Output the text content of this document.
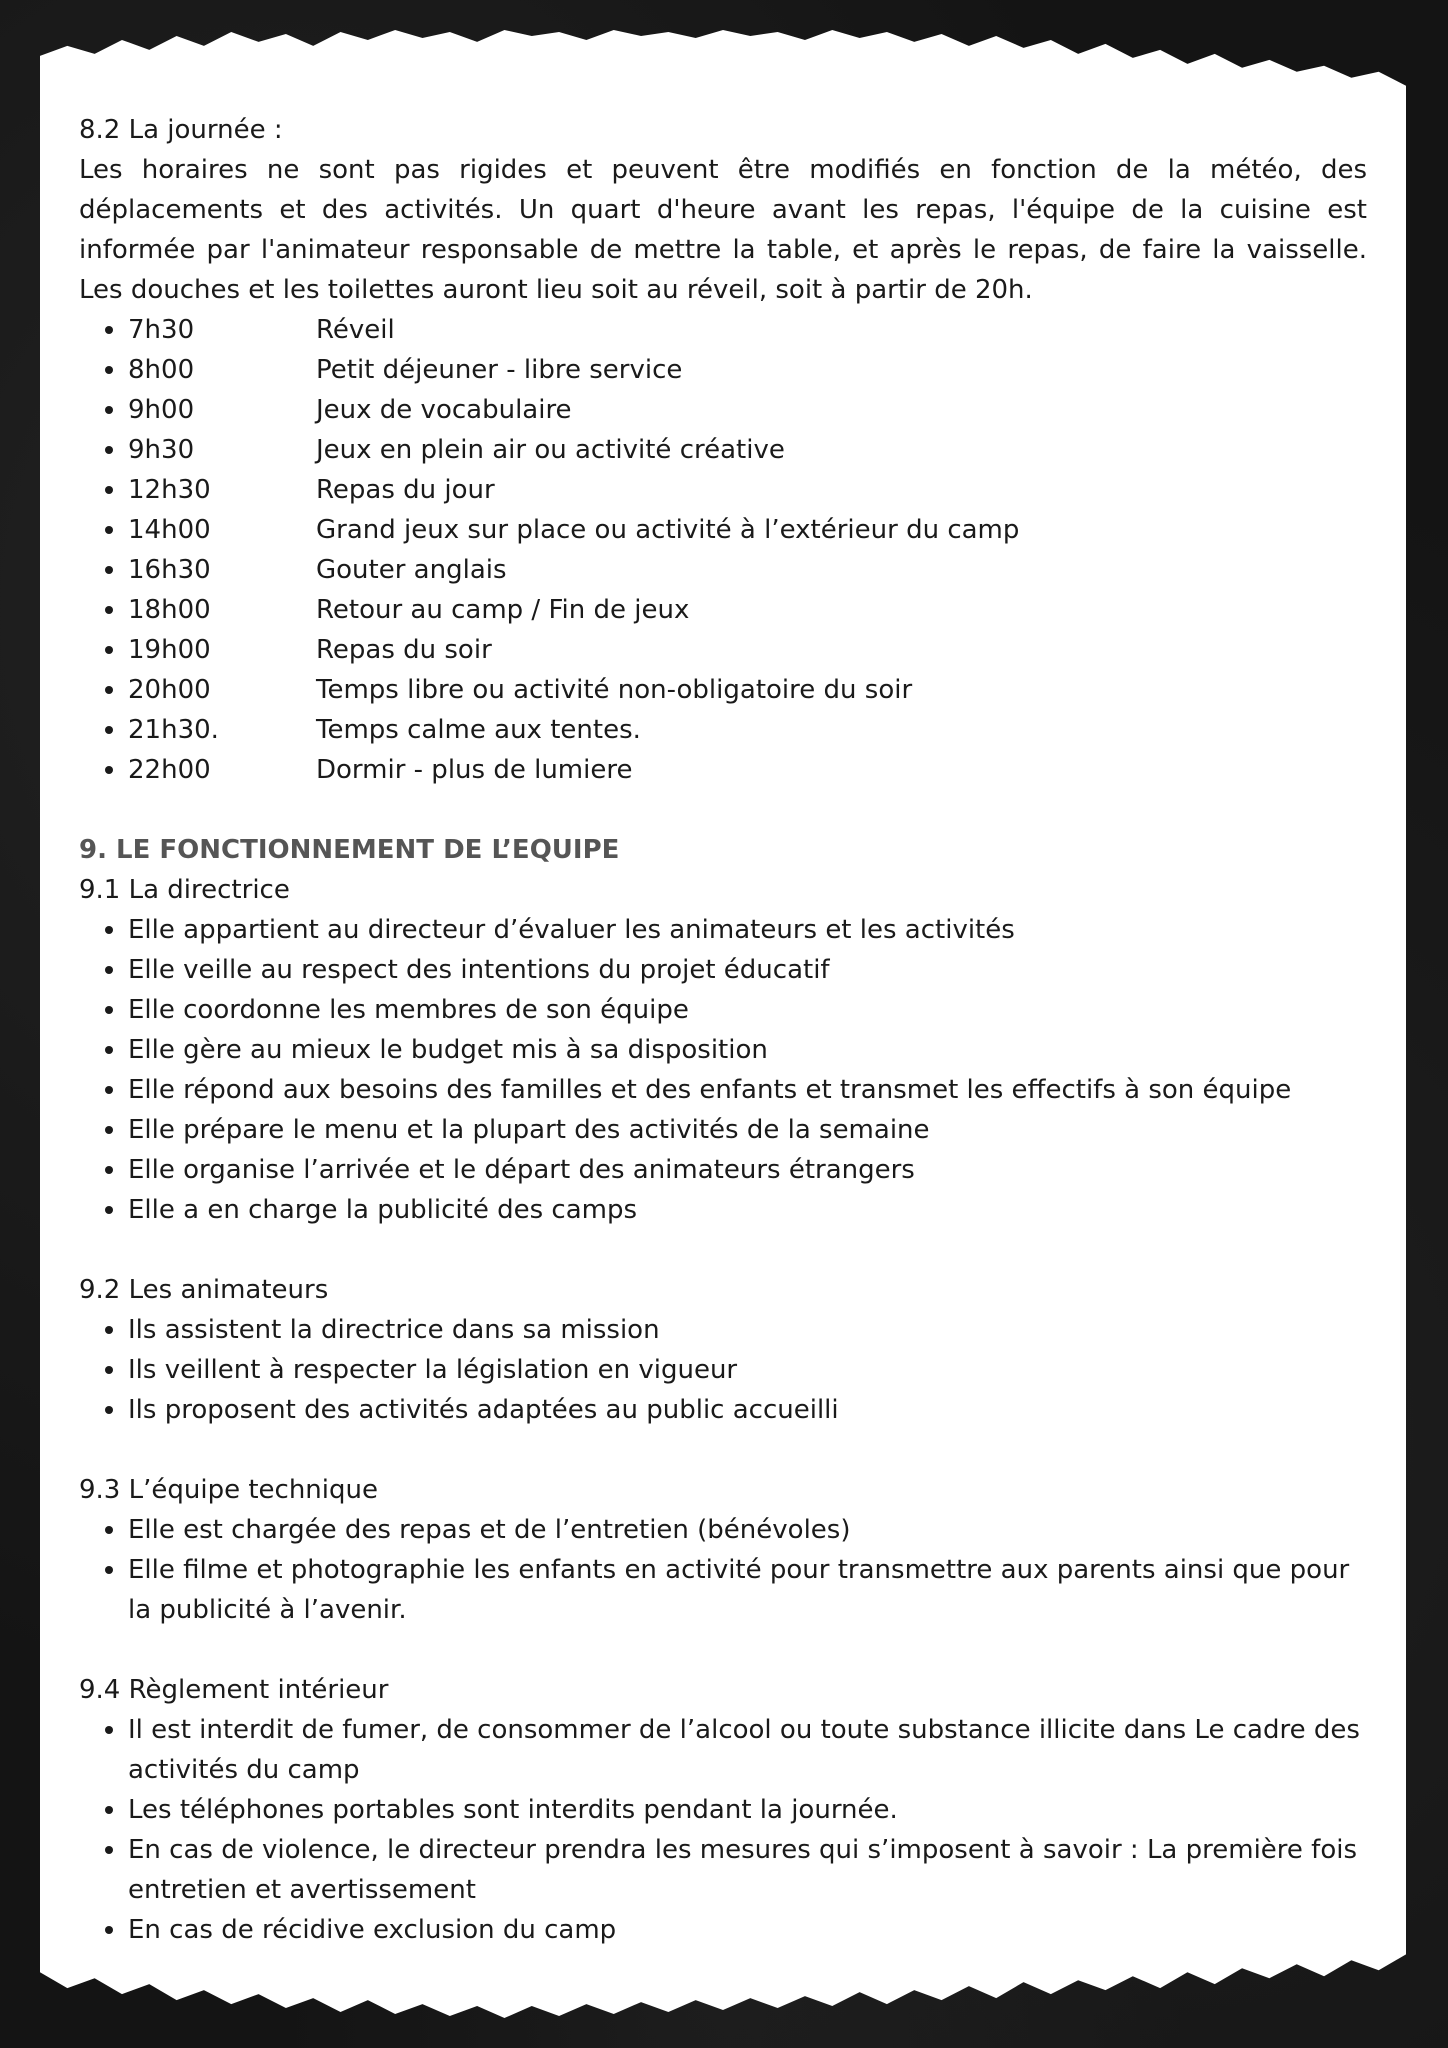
8.2 La journée :

Les horaires ne sont pas rigides et peuvent être modifiés en fonction de la météo, des déplacements et des activités. Un quart d'heure avant les repas, l'équipe de la cuisine est informée par l'animateur responsable de mettre la table, et après le repas, de faire la vaisselle. Les douches et les toilettes auront lieu soit au réveil, soit à partir de 20h.

7h30	Réveil
8h00	Petit déjeuner - libre service
9h00	Jeux de vocabulaire
9h30	Jeux en plein air ou activité créative
12h30	Repas du jour
14h00	Grand jeux sur place ou activité à l’extérieur du camp
16h30	Gouter anglais
18h00	Retour au camp / Fin de jeux
19h00	Repas du soir
20h00	Temps libre ou activité non-obligatoire du soir
21h30.	Temps calme aux tentes.
22h00	Dormir - plus de lumiere

9. LE FONCTIONNEMENT DE L’EQUIPE

9.1 La directrice

Elle appartient au directeur d’évaluer les animateurs et les activités
Elle veille au respect des intentions du projet éducatif
Elle coordonne les membres de son équipe
Elle gère au mieux le budget mis à sa disposition
Elle répond aux besoins des familles et des enfants et transmet les effectifs à son équipe
Elle prépare le menu et la plupart des activités de la semaine
Elle organise l’arrivée et le départ des animateurs étrangers
Elle a en charge la publicité des camps

9.2 Les animateurs

Ils assistent la directrice dans sa mission
Ils veillent à respecter la législation en vigueur
Ils proposent des activités adaptées au public accueilli

9.3 L’équipe technique

Elle est chargée des repas et de l’entretien (bénévoles)
Elle filme et photographie les enfants en activité pour transmettre aux parents ainsi que pour la publicité à l’avenir.

9.4 Règlement intérieur

Il est interdit de fumer, de consommer de l’alcool ou toute substance illicite dans Le cadre des activités du camp
Les téléphones portables sont interdits pendant la journée.
En cas de violence, le directeur prendra les mesures qui s’imposent à savoir : La première fois entretien et avertissement
En cas de récidive exclusion du camp
